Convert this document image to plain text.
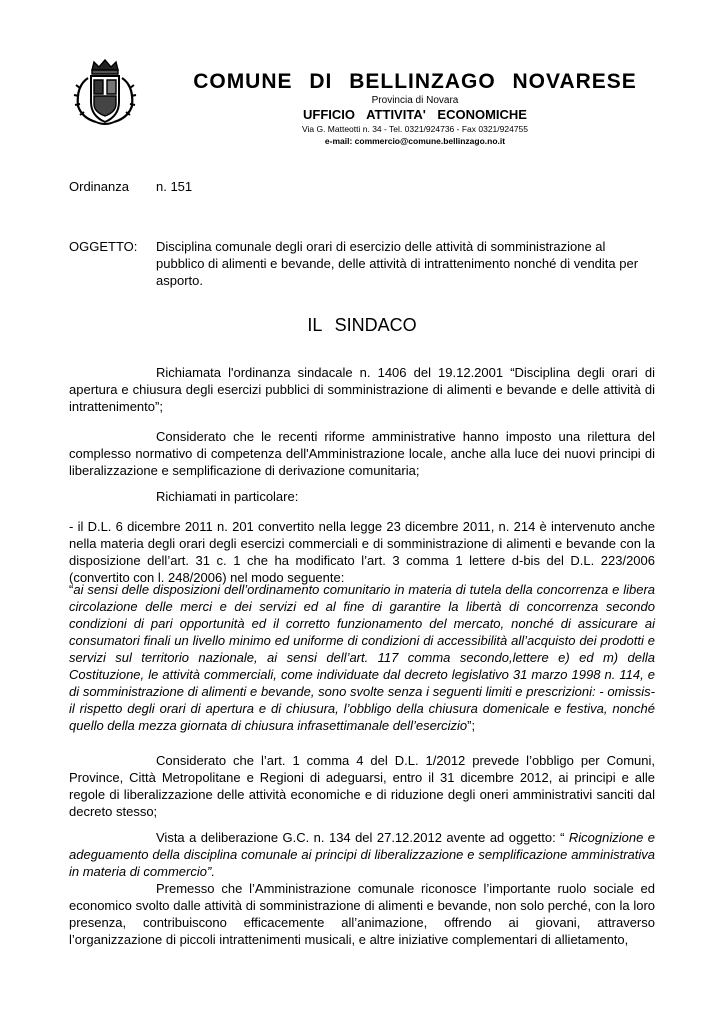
COMUNE DI BELLINZAGO NOVARESE
Provincia di Novara
UFFICIO ATTIVITA' ECONOMICHE
Via G. Matteotti n. 34 - Tel. 0321/924736 - Fax 0321/924755
e-mail: commercio@comune.bellinzago.no.it
Ordinanza n. 151
OGGETTO: Disciplina comunale degli orari di esercizio delle attività di somministrazione al pubblico di alimenti e bevande, delle attività di intrattenimento nonché di vendita per asporto.
IL SINDACO

Richiamata l'ordinanza sindacale n. 1406 del 19.12.2001 “Disciplina degli orari di apertura e chiusura degli esercizi pubblici di somministrazione di alimenti e bevande e delle attività di intrattenimento”;

Considerato che le recenti riforme amministrative hanno imposto una rilettura del complesso normativo di competenza dell'Amministrazione locale, anche alla luce dei nuovi principi di liberalizzazione e semplificazione di derivazione comunitaria;

Richiamati in particolare:

- il D.L. 6 dicembre 2011 n. 201 convertito nella legge 23 dicembre 2011, n. 214 è intervenuto anche nella materia degli orari degli esercizi commerciali e di somministrazione di alimenti e bevande con la disposizione dell’art. 31 c. 1 che ha modificato l’art. 3 comma 1 lettere d-bis del D.L. 223/2006 (convertito con l. 248/2006) nel modo seguente:

“ai sensi delle disposizioni dell’ordinamento comunitario in materia di tutela della concorrenza e libera circolazione delle merci e dei servizi ed al fine di garantire la libertà di concorrenza secondo condizioni di pari opportunità ed il corretto funzionamento del mercato, nonché di assicurare ai consumatori finali un livello minimo ed uniforme di condizioni di accessibilità all’acquisto dei prodotti e servizi sul territorio nazionale, ai sensi dell’art. 117 comma secondo,lettere e) ed m) della Costituzione, le attività commerciali, come individuate dal decreto legislativo 31 marzo 1998 n. 114, e di somministrazione di alimenti e bevande, sono svolte senza i seguenti limiti e prescrizioni: - omissis- il rispetto degli orari di apertura e di chiusura, l’obbligo della chiusura domenicale e festiva, nonché quello della mezza giornata di chiusura infrasettimanale dell’esercizio”;

Considerato che l’art. 1 comma 4 del D.L. 1/2012 prevede l’obbligo per Comuni, Province, Città Metropolitane e Regioni di adeguarsi, entro il 31 dicembre 2012, ai principi e alle regole di liberalizzazione delle attività economiche e di riduzione degli oneri amministrativi sanciti dal decreto stesso;

Vista a deliberazione G.C. n. 134 del 27.12.2012 avente ad oggetto: “ Ricognizione e adeguamento della disciplina comunale ai principi di liberalizzazione e semplificazione amministrativa in materia di commercio”.

Premesso che l’Amministrazione comunale riconosce l’importante ruolo sociale ed economico svolto dalle attività di somministrazione di alimenti e bevande, non solo perché, con la loro presenza, contribuiscono efficacemente all’animazione, offrendo ai giovani, attraverso l’organizzazione di piccoli intrattenimenti musicali, e altre iniziative complementari di allietamento,
